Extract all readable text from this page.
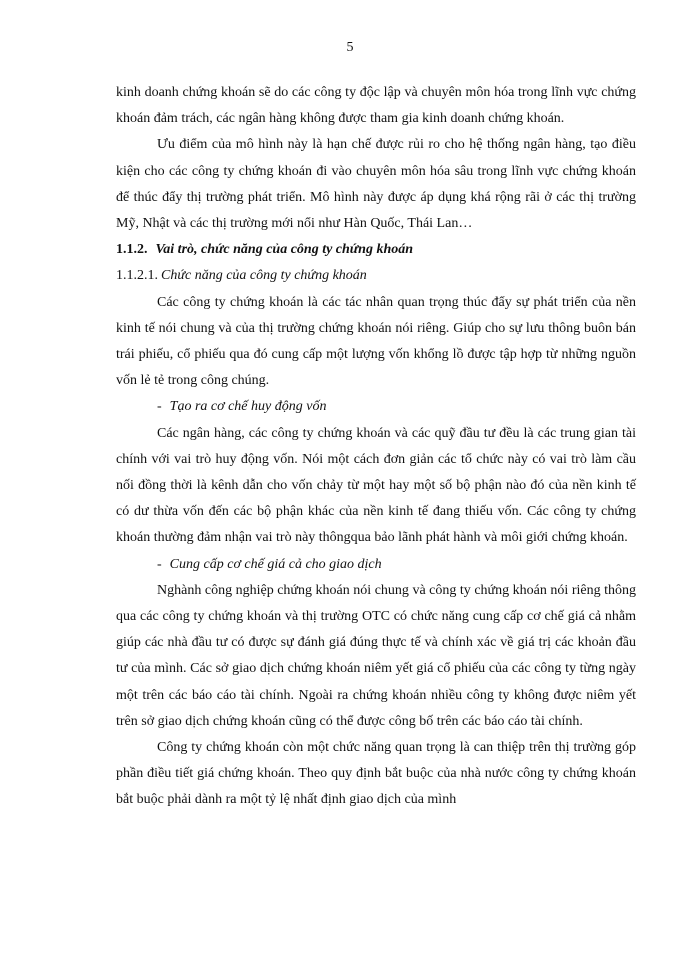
5

kinh doanh chứng khoán sẽ do các công ty độc lập và chuyên môn hóa trong lĩnh vực chứng khoán đảm trách, các ngân hàng không được tham gia kinh doanh chứng khoán.

Ưu điểm của mô hình này là hạn chế được rủi ro cho hệ thống ngân hàng, tạo điều kiện cho các công ty chứng khoán đi vào chuyên môn hóa sâu trong lĩnh vực chứng khoán để thúc đẩy thị trường phát triển. Mô hình này được áp dụng khá rộng rãi ở các thị trường Mỹ, Nhật và các thị trường mới nổi như Hàn Quốc, Thái Lan…

1.1.2. Vai trò, chức năng của công ty chứng khoán

1.1.2.1. Chức năng của công ty chứng khoán

Các công ty chứng khoán là các tác nhân quan trọng thúc đẩy sự phát triển của nền kinh tế nói chung và của thị trường chứng khoán nói riêng. Giúp cho sự lưu thông buôn bán trái phiếu, cổ phiếu qua đó cung cấp một lượng vốn khổng lồ được tập hợp từ những nguồn vốn lẻ tẻ trong công chúng.

- Tạo ra cơ chế huy động vốn

Các ngân hàng, các công ty chứng khoán và các quỹ đầu tư đều là các trung gian tài chính với vai trò huy động vốn. Nói một cách đơn giản các tổ chức này có vai trò làm cầu nối đồng thời là kênh dẫn cho vốn chảy từ một hay một số bộ phận nào đó của nền kinh tế có dư thừa vốn đến các bộ phận khác của nền kinh tế đang thiếu vốn. Các công ty chứng khoán thường đảm nhận vai trò này thôngqua bảo lãnh phát hành và môi giới chứng khoán.

- Cung cấp cơ chế giá cả cho giao dịch

Nghành công nghiệp chứng khoán nói chung và công ty chứng khoán nói riêng thông qua các công ty chứng khoán và thị trường OTC có chức năng cung cấp cơ chế giá cả nhằm giúp các nhà đầu tư có được sự đánh giá đúng thực tế và chính xác về giá trị các khoản đầu tư của mình. Các sở giao dịch chứng khoán niêm yết giá cổ phiếu của các công ty từng ngày một trên các báo cáo tài chính. Ngoài ra chứng khoán nhiều công ty không được niêm yết trên sở giao dịch chứng khoán cũng có thể được công bố trên các báo cáo tài chính.

Công ty chứng khoán còn một chức năng quan trọng là can thiệp trên thị trường góp phần điều tiết giá chứng khoán. Theo quy định bắt buộc của nhà nước công ty chứng khoán bắt buộc phải dành ra một tỷ lệ nhất định giao dịch của mình
